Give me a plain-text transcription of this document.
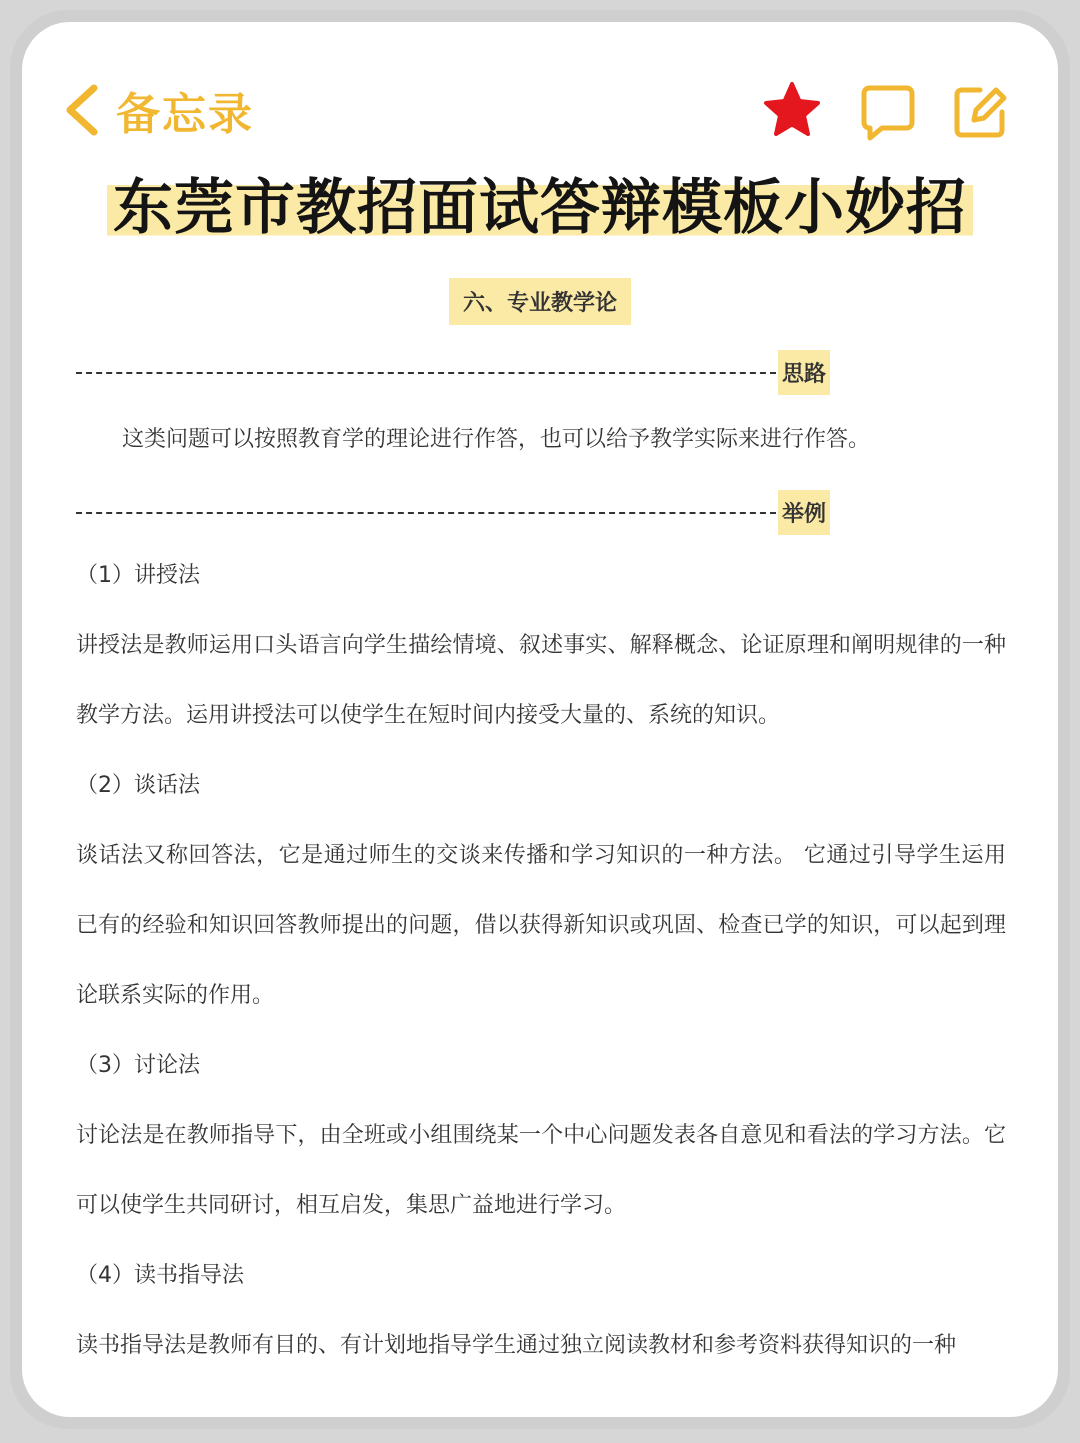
备忘录
东莞市教招面试答辩模板小妙招
六、专业教学论
思路
这类问题可以按照教育学的理论进行作答，也可以给予教学实际来进行作答。
举例
（1）讲授法
讲授法是教师运用口头语言向学生描绘情境、叙述事实、解释概念、论证原理和阐明规律的一种教学方法。运用讲授法可以使学生在短时间内接受大量的、系统的知识。
（2）谈话法
谈话法又称回答法，它是通过师生的交谈来传播和学习知识的一种方法。 它通过引导学生运用已有的经验和知识回答教师提出的问题，借以获得新知识或巩固、检查已学的知识，可以起到理论联系实际的作用。
（3）讨论法
讨论法是在教师指导下，由全班或小组围绕某一个中心问题发表各自意见和看法的学习方法。它可以使学生共同研讨，相互启发，集思广益地进行学习。
（4）读书指导法
读书指导法是教师有目的、有计划地指导学生通过独立阅读教材和参考资料获得知识的一种
